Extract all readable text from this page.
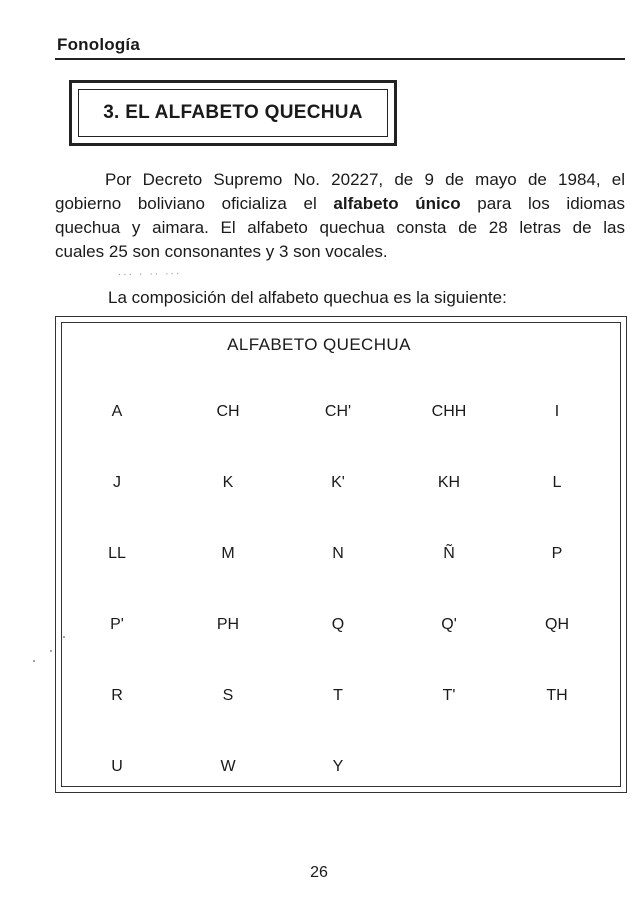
Fonología
3. EL ALFABETO QUECHUA
Por Decreto Supremo No. 20227, de 9 de mayo de 1984, el
gobierno boliviano oficializa el alfabeto único para los idiomas
quechua y aimara. El alfabeto quechua consta de 28 letras de las
cuales 25 son consonantes y 3 son vocales.
∙·∙ · ∙· ∙·∙
La composición del alfabeto quechua es la siguiente:
ALFABETO QUECHUA
A	CH	CH'	CHH	I
J	K	K'	KH	L
LL	M	N	Ñ	P
P'	PH	Q	Q'	QH
R	S	T	T'	TH
U	W	Y
26
